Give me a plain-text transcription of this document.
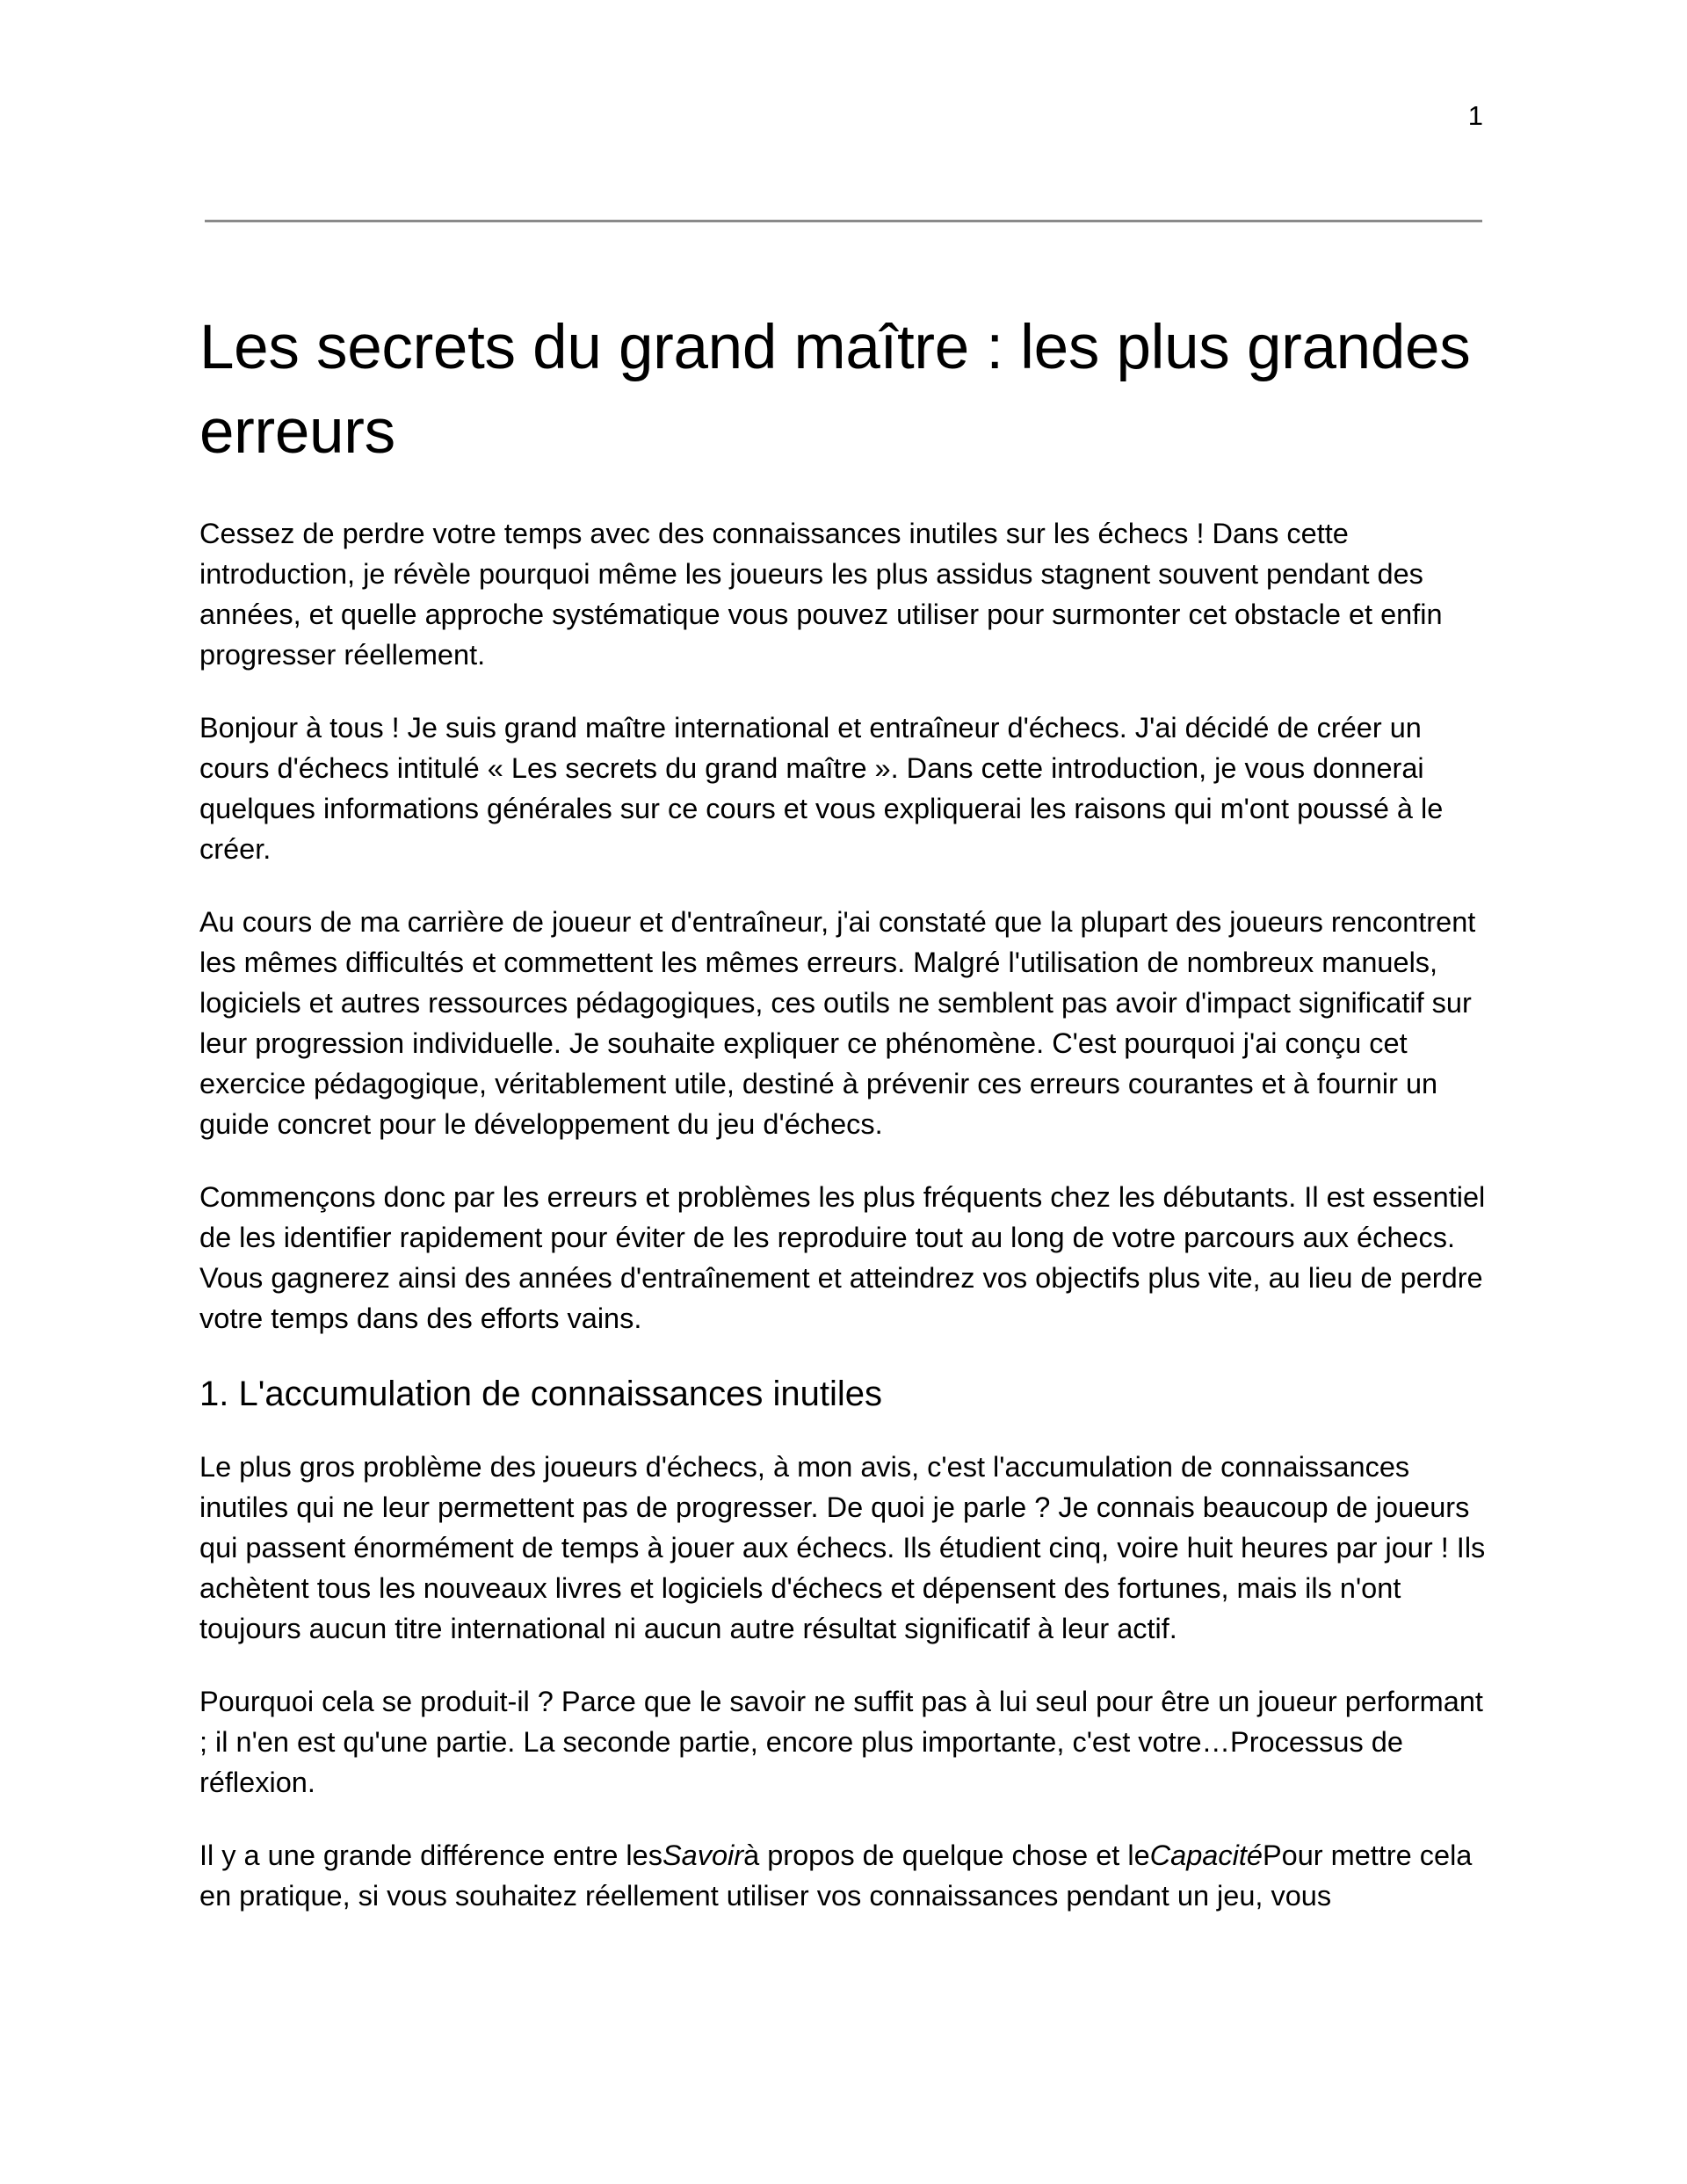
1
Les secrets du grand maître : les plus grandes erreurs

Cessez de perdre votre temps avec des connaissances inutiles sur les échecs ! Dans cette introduction, je révèle pourquoi même les joueurs les plus assidus stagnent souvent pendant des années, et quelle approche systématique vous pouvez utiliser pour surmonter cet obstacle et enfin progresser réellement.

Bonjour à tous ! Je suis grand maître international et entraîneur d'échecs. J'ai décidé de créer un cours d'échecs intitulé « Les secrets du grand maître ». Dans cette introduction, je vous donnerai quelques informations générales sur ce cours et vous expliquerai les raisons qui m'ont poussé à le créer.

Au cours de ma carrière de joueur et d'entraîneur, j'ai constaté que la plupart des joueurs rencontrent les mêmes difficultés et commettent les mêmes erreurs. Malgré l'utilisation de nombreux manuels, logiciels et autres ressources pédagogiques, ces outils ne semblent pas avoir d'impact significatif sur leur progression individuelle. Je souhaite expliquer ce phénomène. C'est pourquoi j'ai conçu cet exercice pédagogique, véritablement utile, destiné à prévenir ces erreurs courantes et à fournir un guide concret pour le développement du jeu d'échecs.

Commençons donc par les erreurs et problèmes les plus fréquents chez les débutants. Il est essentiel de les identifier rapidement pour éviter de les reproduire tout au long de votre parcours aux échecs. Vous gagnerez ainsi des années d'entraînement et atteindrez vos objectifs plus vite, au lieu de perdre votre temps dans des efforts vains.

1. L'accumulation de connaissances inutiles

Le plus gros problème des joueurs d'échecs, à mon avis, c'est l'accumulation de connaissances inutiles qui ne leur permettent pas de progresser. De quoi je parle ? Je connais beaucoup de joueurs qui passent énormément de temps à jouer aux échecs. Ils étudient cinq, voire huit heures par jour ! Ils achètent tous les nouveaux livres et logiciels d'échecs et dépensent des fortunes, mais ils n'ont toujours aucun titre international ni aucun autre résultat significatif à leur actif.

Pourquoi cela se produit-il ? Parce que le savoir ne suffit pas à lui seul pour être un joueur performant ; il n'en est qu'une partie. La seconde partie, encore plus importante, c'est votre…Processus de réflexion.

Il y a une grande différence entre lesSavoirà propos de quelque chose et leCapacitéPour mettre cela en pratique, si vous souhaitez réellement utiliser vos connaissances pendant un jeu, vous
